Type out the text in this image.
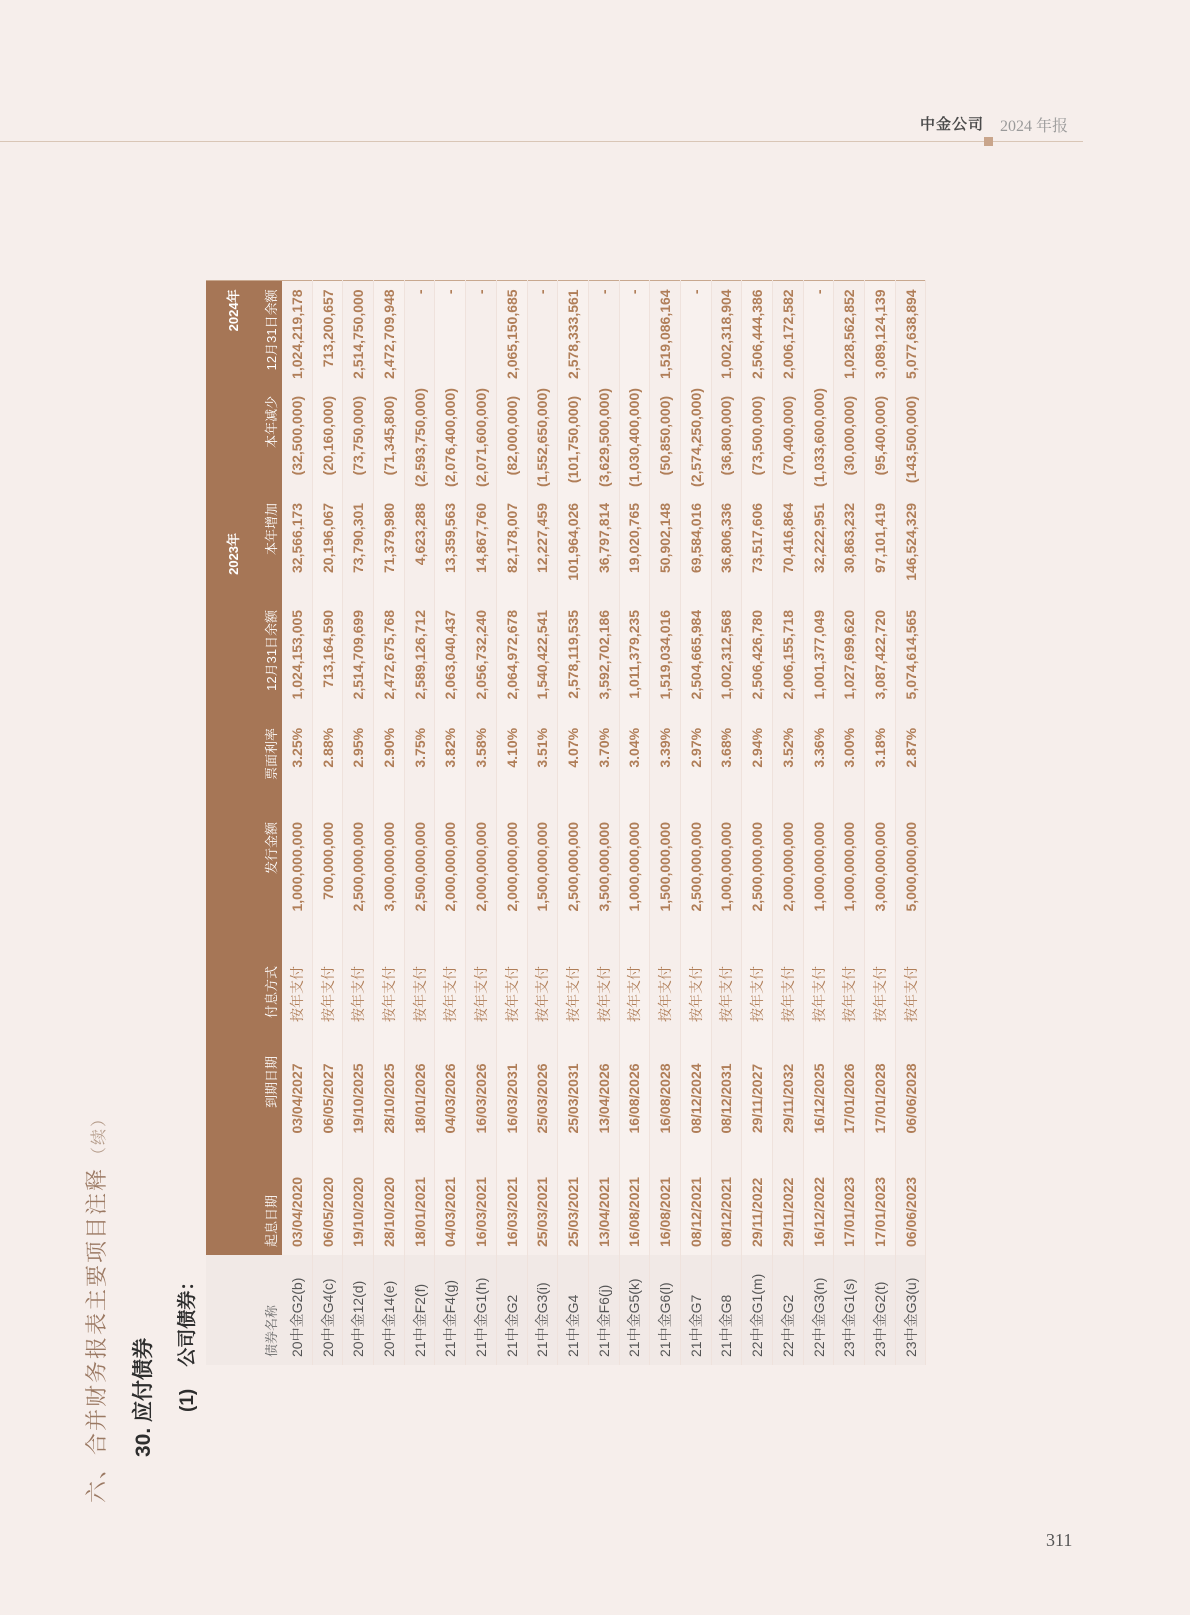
中金公司 2024 年报
六、合并财务报表主要项目注释（续）
30. 应付债券 (1)公司债券：
						2023年			2024年
债券名称	起息日期	到期日期	付息方式	发行金额	票面利率	12月31日余额	本年增加	本年减少	12月31日余额
20中金G2(b)	03/04/2020	03/04/2027	按年支付	1,000,000,000	3.25%	1,024,153,005	32,566,173	(32,500,000)	1,024,219,178
20中金G4(c)	06/05/2020	06/05/2027	按年支付	700,000,000	2.88%	713,164,590	20,196,067	(20,160,000)	713,200,657
20中金12(d)	19/10/2020	19/10/2025	按年支付	2,500,000,000	2.95%	2,514,709,699	73,790,301	(73,750,000)	2,514,750,000
20中金14(e)	28/10/2020	28/10/2025	按年支付	3,000,000,000	2.90%	2,472,675,768	71,379,980	(71,345,800)	2,472,709,948
21中金F2(f)	18/01/2021	18/01/2026	按年支付	2,500,000,000	3.75%	2,589,126,712	4,623,288	(2,593,750,000)	-
21中金F4(g)	04/03/2021	04/03/2026	按年支付	2,000,000,000	3.82%	2,063,040,437	13,359,563	(2,076,400,000)	-
21中金G1(h)	16/03/2021	16/03/2026	按年支付	2,000,000,000	3.58%	2,056,732,240	14,867,760	(2,071,600,000)	-
21中金G2	16/03/2021	16/03/2031	按年支付	2,000,000,000	4.10%	2,064,972,678	82,178,007	(82,000,000)	2,065,150,685
21中金G3(i)	25/03/2021	25/03/2026	按年支付	1,500,000,000	3.51%	1,540,422,541	12,227,459	(1,552,650,000)	-
21中金G4	25/03/2021	25/03/2031	按年支付	2,500,000,000	4.07%	2,578,119,535	101,964,026	(101,750,000)	2,578,333,561
21中金F6(j)	13/04/2021	13/04/2026	按年支付	3,500,000,000	3.70%	3,592,702,186	36,797,814	(3,629,500,000)	-
21中金G5(k)	16/08/2021	16/08/2026	按年支付	1,000,000,000	3.04%	1,011,379,235	19,020,765	(1,030,400,000)	-
21中金G6(l)	16/08/2021	16/08/2028	按年支付	1,500,000,000	3.39%	1,519,034,016	50,902,148	(50,850,000)	1,519,086,164
21中金G7	08/12/2021	08/12/2024	按年支付	2,500,000,000	2.97%	2,504,665,984	69,584,016	(2,574,250,000)	-
21中金G8	08/12/2021	08/12/2031	按年支付	1,000,000,000	3.68%	1,002,312,568	36,806,336	(36,800,000)	1,002,318,904
22中金G1(m)	29/11/2022	29/11/2027	按年支付	2,500,000,000	2.94%	2,506,426,780	73,517,606	(73,500,000)	2,506,444,386
22中金G2	29/11/2022	29/11/2032	按年支付	2,000,000,000	3.52%	2,006,155,718	70,416,864	(70,400,000)	2,006,172,582
22中金G3(n)	16/12/2022	16/12/2025	按年支付	1,000,000,000	3.36%	1,001,377,049	32,222,951	(1,033,600,000)	-
23中金G1(s)	17/01/2023	17/01/2026	按年支付	1,000,000,000	3.00%	1,027,699,620	30,863,232	(30,000,000)	1,028,562,852
23中金G2(t)	17/01/2023	17/01/2028	按年支付	3,000,000,000	3.18%	3,087,422,720	97,101,419	(95,400,000)	3,089,124,139
23中金G3(u)	06/06/2023	06/06/2028	按年支付	5,000,000,000	2.87%	5,074,614,565	146,524,329	(143,500,000)	5,077,638,894
311
